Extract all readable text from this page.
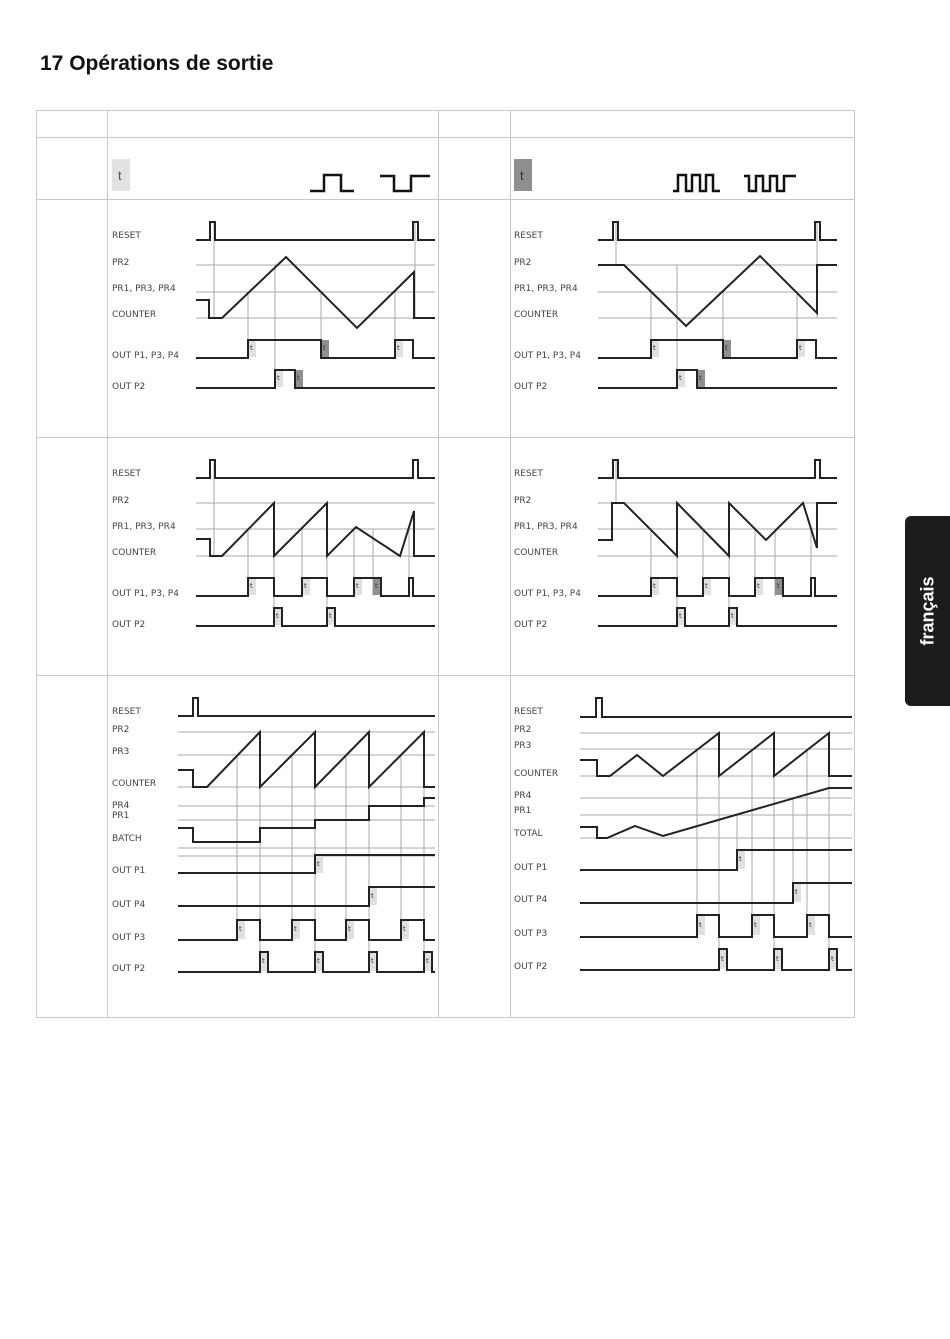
17 Opérations de sortie
t	t
RESET
PR2
PR1, PR3, PR4
COUNTER
OUT P1, P3, P4
OUT P2
t	t	t
t t
RESET
PR2
PR1, PR3, PR4
COUNTER
OUT P1, P3, P4
OUT P2
t	t	t
t t
RESET
PR2
PR1, PR3, PR4
COUNTER
OUT P1, P3, P4
OUT P2
t	t	t t
t	t
RESET
PR2
PR1, PR3, PR4
COUNTER
OUT P1, P3, P4
OUT P2
t	t	t t
t	t
RESET
PR2
PR3
COUNTER
PR4
PR1
BATCH
OUT P1
OUT P4
OUT P3
OUT P2
t
t
t	t	t	t
t	t	t	t
RESET
PR2
PR3
COUNTER
PR4
PR1
TOTAL
OUT P1
OUT P4
OUT P3
OUT P2
t
t
t	t	t
t	t	t
français
